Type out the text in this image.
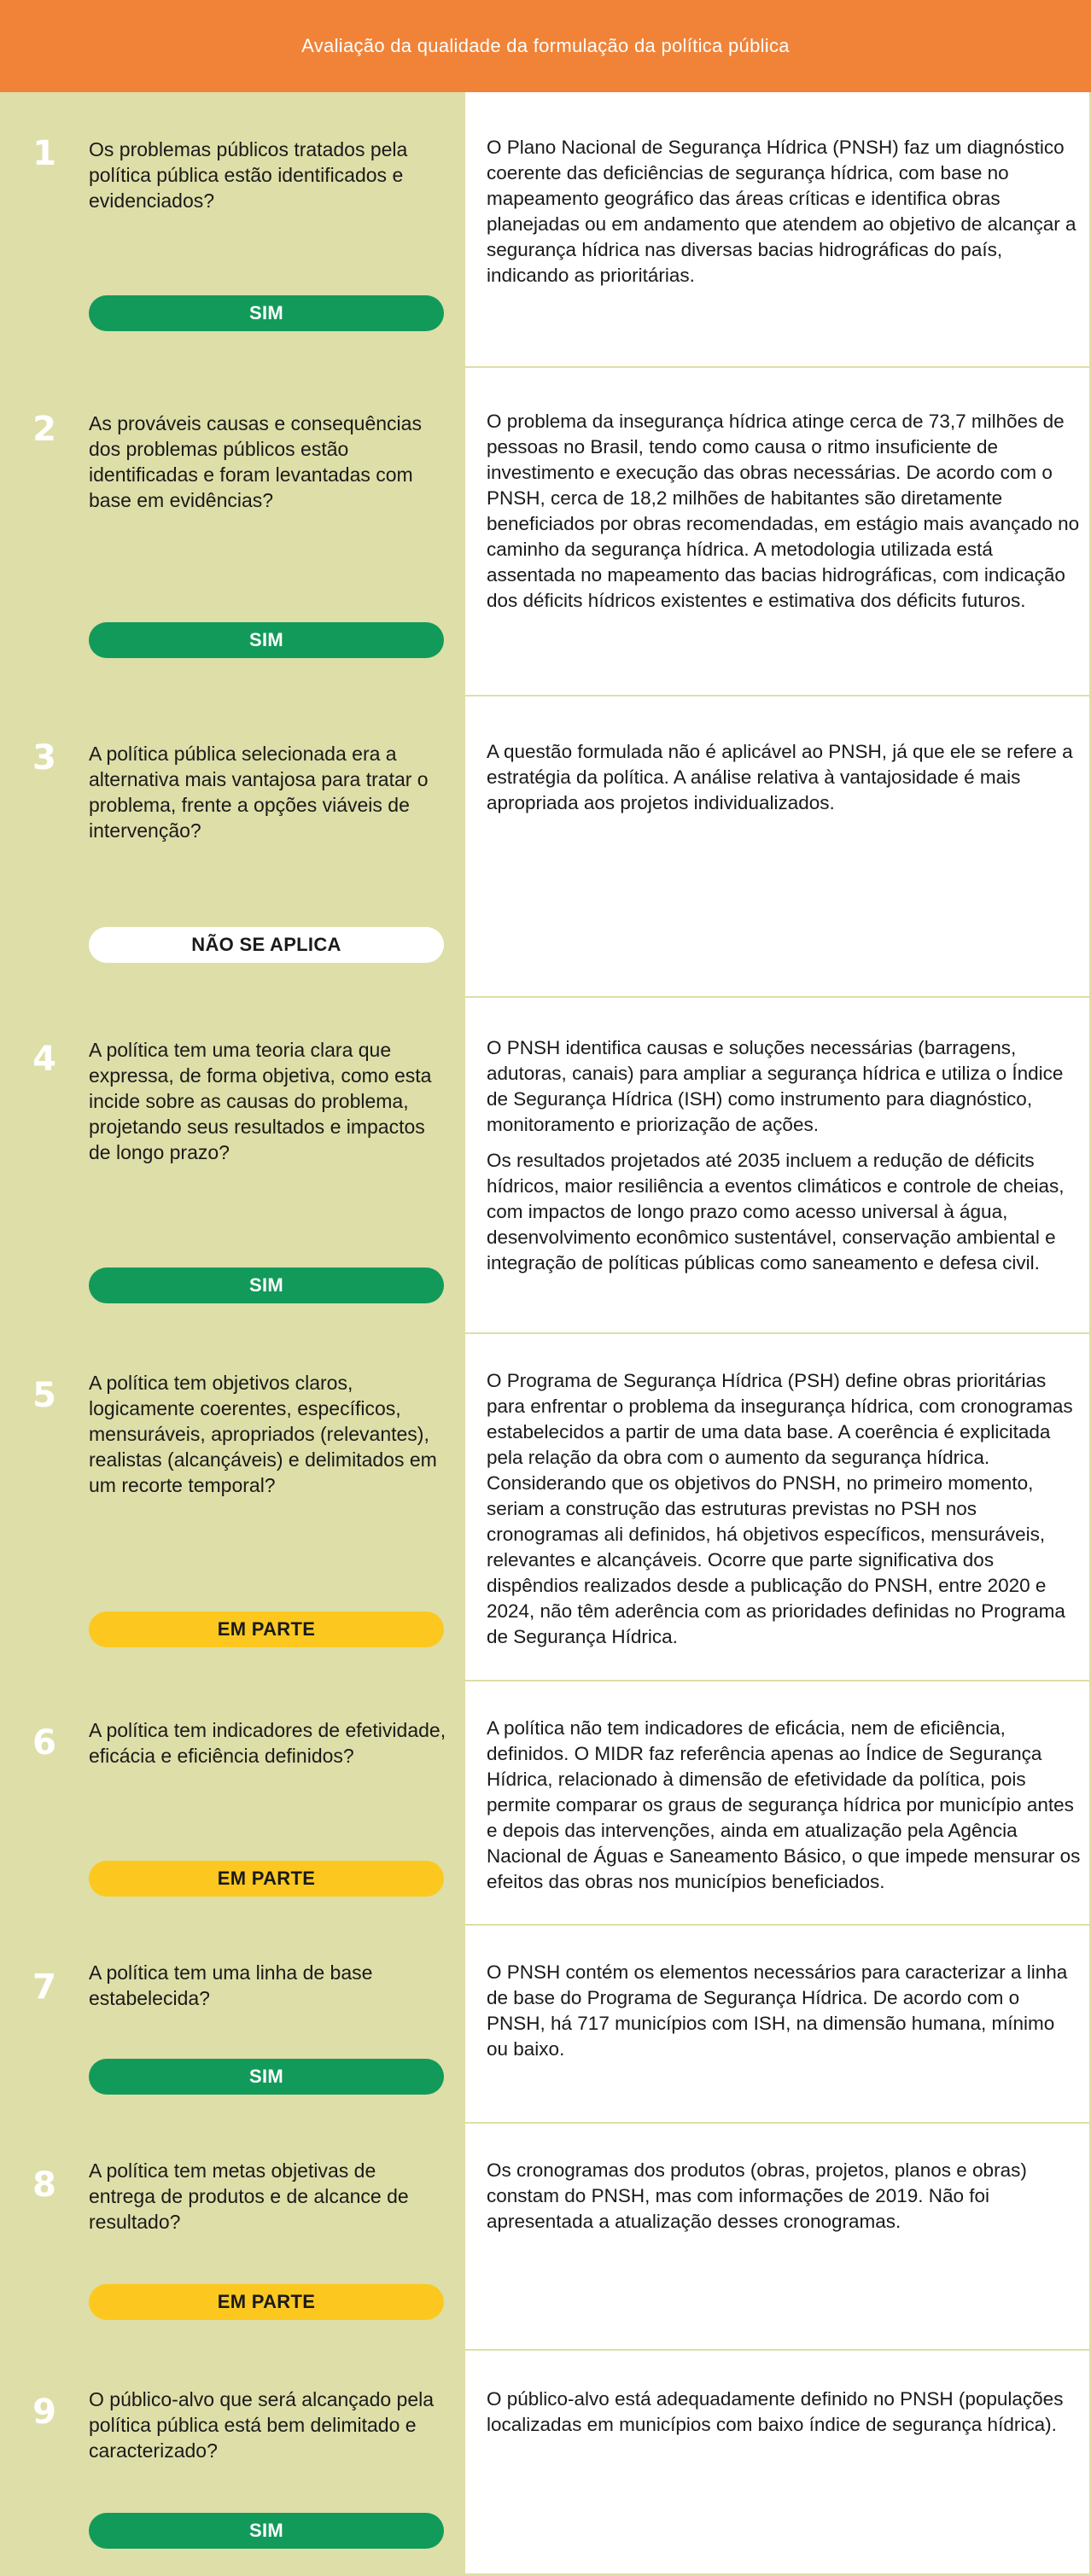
Avaliação da qualidade da formulação da política pública
1	Os problemas públicos tratados pela política pública estão identificados e evidenciados?
SIM

O Plano Nacional de Segurança Hídrica (PNSH) faz um diagnóstico coerente das deficiências de segurança hídrica, com base no mapeamento geográfico das áreas críticas e identifica obras planejadas ou em andamento que atendem ao objetivo de alcançar a segurança hídrica nas diversas bacias hidrográficas do país, indicando as prioritárias.

2	As prováveis causas e consequências dos problemas públicos estão identificadas e foram levantadas com base em evidências?
SIM

O problema da insegurança hídrica atinge cerca de 73,7 milhões de pessoas no Brasil, tendo como causa o ritmo insuficiente de investimento e execução das obras necessárias. De acordo com o PNSH, cerca de 18,2 milhões de habitantes são diretamente beneficiados por obras recomendadas, em estágio mais avançado no caminho da segurança hídrica. A metodologia utilizada está assentada no mapeamento das bacias hidrográficas, com indicação dos déficits hídricos existentes e estimativa dos déficits futuros.

3	A política pública selecionada era a alternativa mais vantajosa para tratar o problema, frente a opções viáveis de intervenção?
NÃO SE APLICA

A questão formulada não é aplicável ao PNSH, já que ele se refere a estratégia da política. A análise relativa à vantajosidade é mais apropriada aos projetos individualizados.

4	A política tem uma teoria clara que expressa, de forma objetiva, como esta incide sobre as causas do problema, projetando seus resultados e impactos de longo prazo?
SIM

O PNSH identifica causas e soluções necessárias (barragens, adutoras, canais) para ampliar a segurança hídrica e utiliza o Índice de Segurança Hídrica (ISH) como instrumento para diagnóstico, monitoramento e priorização de ações.

Os resultados projetados até 2035 incluem a redução de déficits hídricos, maior resiliência a eventos climáticos e controle de cheias, com impactos de longo prazo como acesso universal à água, desenvolvimento econômico sustentável, conservação ambiental e integração de políticas públicas como saneamento e defesa civil.

5	A política tem objetivos claros, logicamente coerentes, específicos, mensuráveis, apropriados (relevantes), realistas (alcançáveis) e delimitados em um recorte temporal?
EM PARTE

O Programa de Segurança Hídrica (PSH) define obras prioritárias para enfrentar o problema da insegurança hídrica, com cronogramas estabelecidos a partir de uma data base. A coerência é explicitada pela relação da obra com o aumento da segurança hídrica. Considerando que os objetivos do PNSH, no primeiro momento, seriam a construção das estruturas previstas no PSH nos cronogramas ali definidos, há objetivos específicos, mensuráveis, relevantes e alcançáveis. Ocorre que parte significativa dos dispêndios realizados desde a publicação do PNSH, entre 2020 e 2024, não têm aderência com as prioridades definidas no Programa de Segurança Hídrica.

6	A política tem indicadores de efetividade, eficácia e eficiência definidos?
EM PARTE

A política não tem indicadores de eficácia, nem de eficiência, definidos. O MIDR faz referência apenas ao Índice de Segurança Hídrica, relacionado à dimensão de efetividade da política, pois permite comparar os graus de segurança hídrica por município antes e depois das intervenções, ainda em atualização pela Agência Nacional de Águas e Saneamento Básico, o que impede mensurar os efeitos das obras nos municípios beneficiados.

7	A política tem uma linha de base estabelecida?
SIM

O PNSH contém os elementos necessários para caracterizar a linha de base do Programa de Segurança Hídrica. De acordo com o PNSH, há 717 municípios com ISH, na dimensão humana, mínimo ou baixo.

8	A política tem metas objetivas de entrega de produtos e de alcance de resultado?
EM PARTE

Os cronogramas dos produtos (obras, projetos, planos e obras) constam do PNSH, mas com informações de 2019. Não foi apresentada a atualização desses cronogramas.

9	O público-alvo que será alcançado pela política pública está bem delimitado e caracterizado?
SIM

O público-alvo está adequadamente definido no PNSH (populações localizadas em municípios com baixo índice de segurança hídrica).
